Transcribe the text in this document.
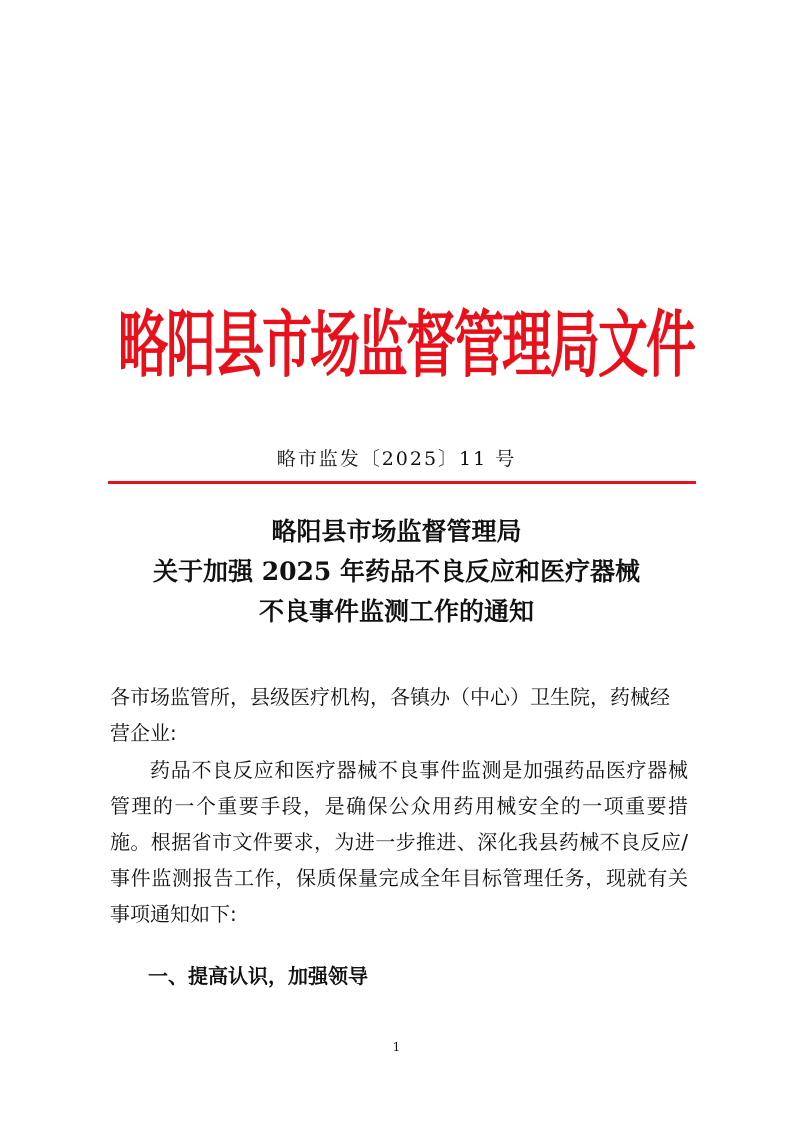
略阳县市场监督管理局文件
略市监发〔2025〕11 号
略阳县市场监督管理局
关于加强 2025 年药品不良反应和医疗器械
不良事件监测工作的通知
各市场监管所，县级医疗机构，各镇办（中心）卫生院，药械经营企业:
药品不良反应和医疗器械不良事件监测是加强药品医疗器械管理的一个重要手段，是确保公众用药用械安全的一项重要措施。根据省市文件要求，为进一步推进、深化我县药械不良反应/事件监测报告工作，保质保量完成全年目标管理任务，现就有关事项通知如下:
一、提高认识，加强领导
1
